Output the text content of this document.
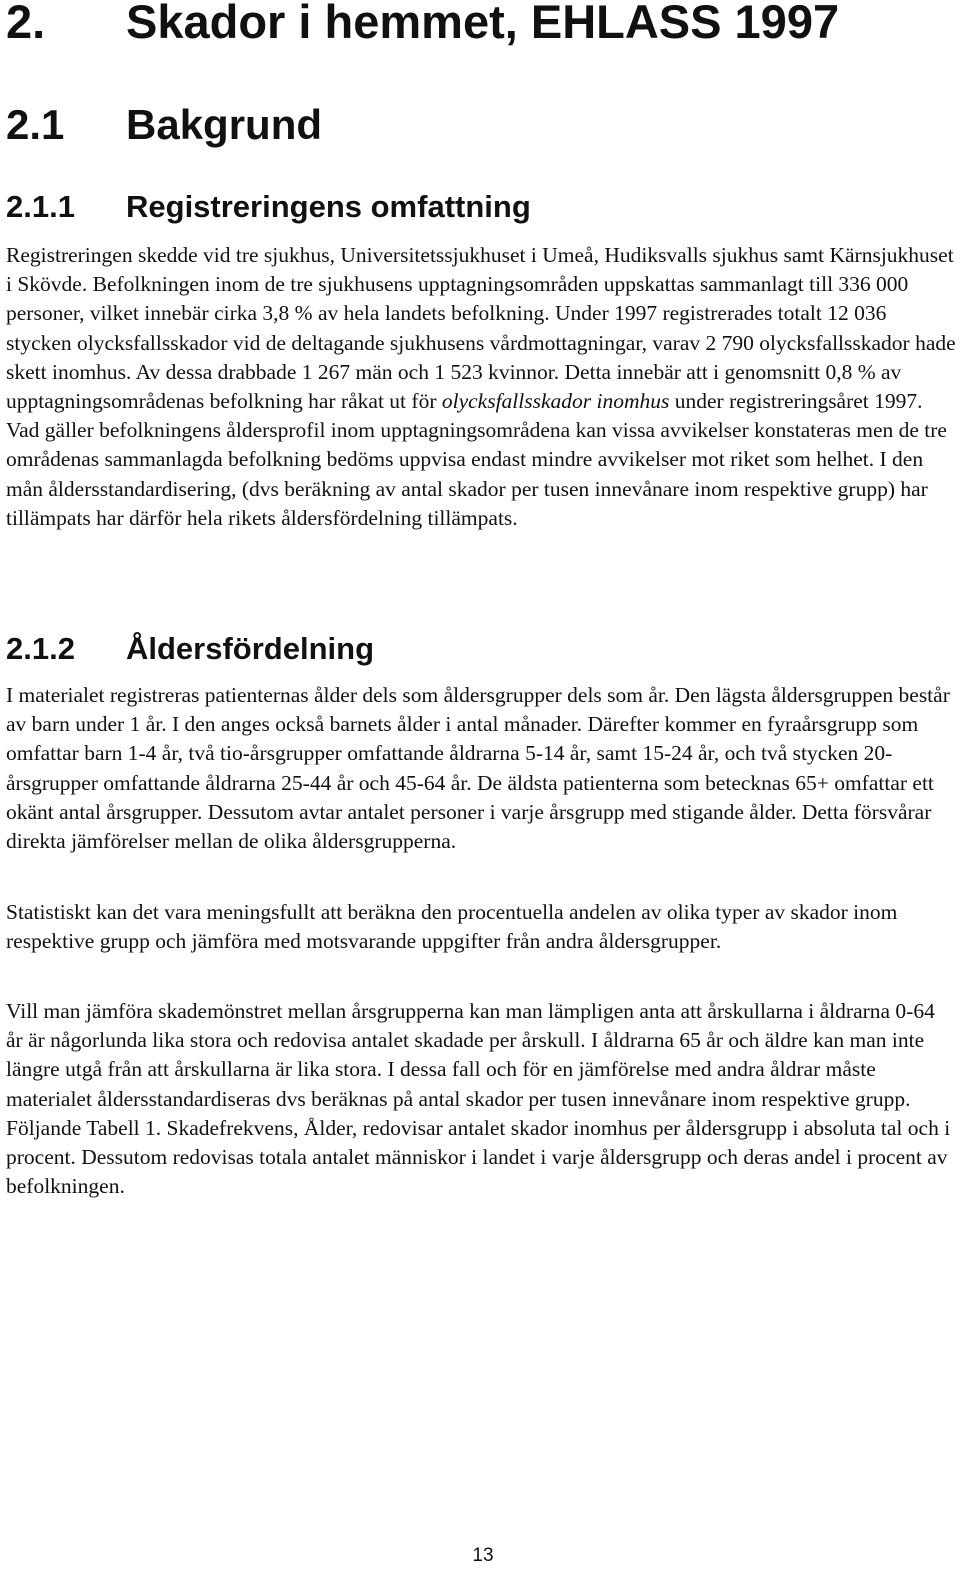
2.	Skador i hemmet, EHLASS 1997
2.1	Bakgrund
2.1.1	Registreringens omfattning

Registreringen skedde vid tre sjukhus, Universitetssjukhuset i Umeå, Hudiksvalls sjukhus samt Kärnsjukhuset i Skövde. Befolkningen inom de tre sjukhusens upptagningsområden uppskattas sammanlagt till 336 000 personer, vilket innebär cirka 3,8 % av hela landets befolkning. Under 1997 registrerades totalt 12 036 stycken olycksfallsskador vid de deltagande sjukhusens vårdmottagningar, varav 2 790 olycksfallsskador hade skett inomhus. Av dessa drabbade 1 267 män och 1 523 kvinnor. Detta innebär att i genomsnitt 0,8 % av upptagningsområdenas befolkning har råkat ut för olycksfallsskador inomhus under registreringsåret 1997. Vad gäller befolkningens åldersprofil inom upptagningsområdena kan vissa avvikelser konstateras men de tre områdenas sammanlagda befolkning bedöms uppvisa endast mindre avvikelser mot riket som helhet. I den mån åldersstandardisering, (dvs beräkning av antal skador per tusen innevånare inom respektive grupp) har tillämpats har därför hela rikets åldersfördelning tillämpats.

2.1.2	Åldersfördelning

I materialet registreras patienternas ålder dels som åldersgrupper dels som år. Den lägsta åldersgruppen består av barn under 1 år. I den anges också barnets ålder i antal månader. Därefter kommer en fyraårsgrupp som omfattar barn 1-4 år, två tio-årsgrupper omfattande åldrarna 5-14 år, samt 15-24 år, och två stycken 20-årsgrupper omfattande åldrarna 25-44 år och 45-64 år. De äldsta patienterna som betecknas 65+ omfattar ett okänt antal årsgrupper. Dessutom avtar antalet personer i varje årsgrupp med stigande ålder. Detta försvårar direkta jämförelser mellan de olika åldersgrupperna.

Statistiskt kan det vara meningsfullt att beräkna den procentuella andelen av olika typer av skador inom respektive grupp och jämföra med motsvarande uppgifter från andra åldersgrupper.

Vill man jämföra skademönstret mellan årsgrupperna kan man lämpligen anta att årskullarna i åldrarna 0-64 år är någorlunda lika stora och redovisa antalet skadade per årskull. I åldrarna 65 år och äldre kan man inte längre utgå från att årskullarna är lika stora. I dessa fall och för en jämförelse med andra åldrar måste materialet åldersstandardiseras dvs beräknas på antal skador per tusen innevånare inom respektive grupp. Följande Tabell 1. Skadefrekvens, Ålder, redovisar antalet skador inomhus per åldersgrupp i absoluta tal och i procent. Dessutom redovisas totala antalet människor i landet i varje åldersgrupp och deras andel i procent av befolkningen.

13
